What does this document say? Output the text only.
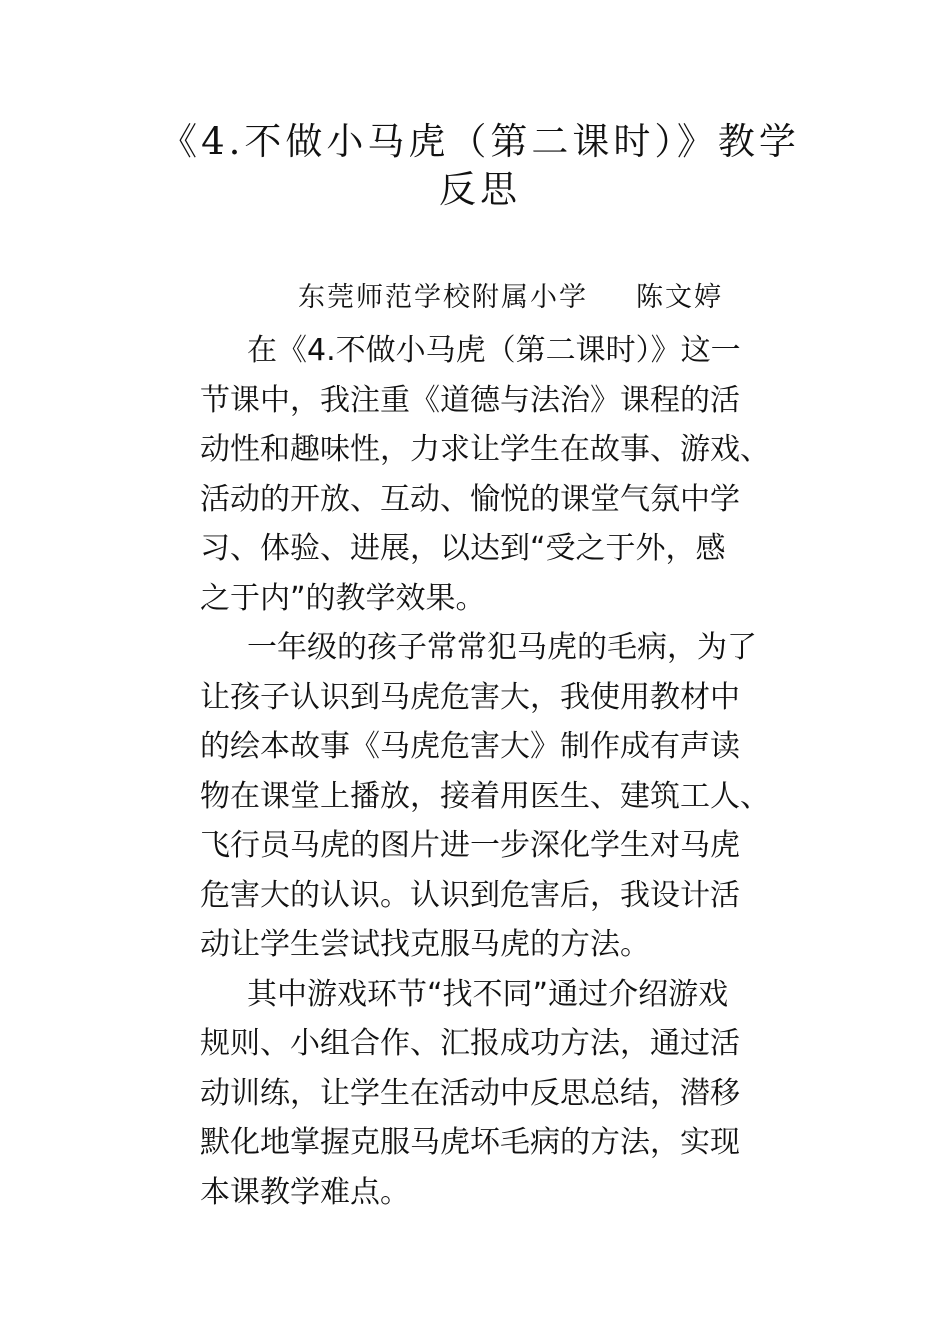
《4.不做小马虎（第二课时）》教学
反思
东莞师范学校附属小学 陈文婷

在《4.不做小马虎（第二课时）》这一
节课中，我注重《道德与法治》课程的活
动性和趣味性，力求让学生在故事、游戏、
活动的开放、互动、愉悦的课堂气氛中学
习、体验、进展，以达到“受之于外，感
之于内”的教学效果。

一年级的孩子常常犯马虎的毛病，为了
让孩子认识到马虎危害大，我使用教材中
的绘本故事《马虎危害大》制作成有声读
物在课堂上播放，接着用医生、建筑工人、
飞行员马虎的图片进一步深化学生对马虎
危害大的认识。认识到危害后，我设计活
动让学生尝试找克服马虎的方法。

其中游戏环节“找不同”通过介绍游戏
规则、小组合作、汇报成功方法，通过活
动训练，让学生在活动中反思总结，潜移
默化地掌握克服马虎坏毛病的方法，实现
本课教学难点。
